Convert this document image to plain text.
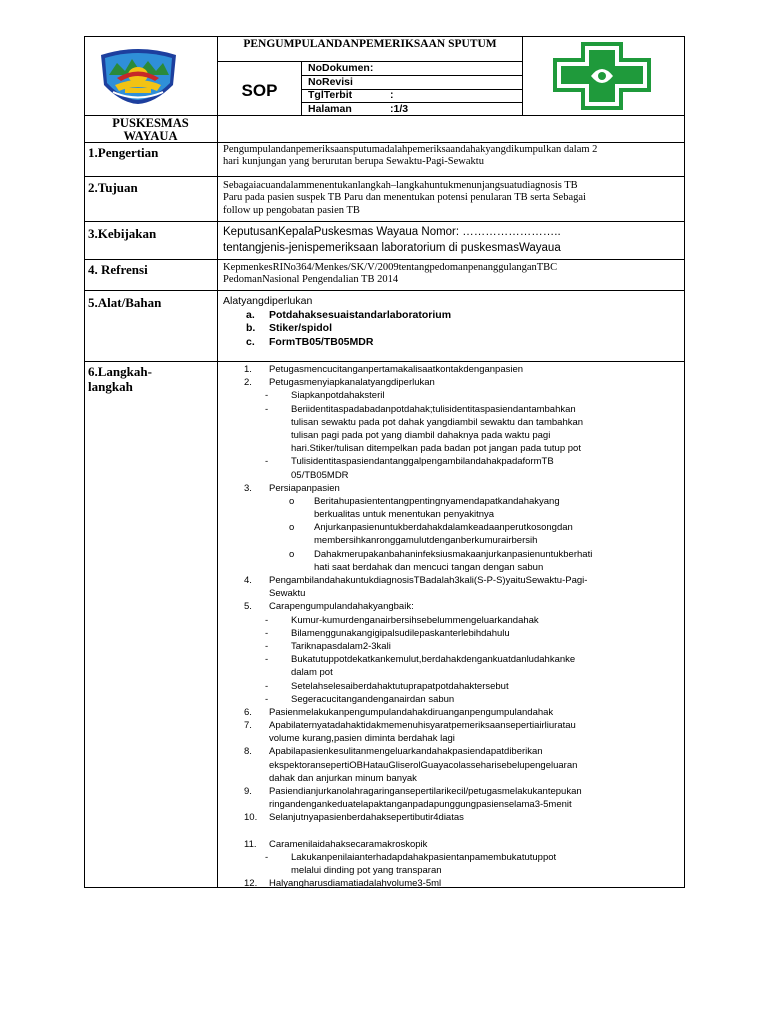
PENGUMPULANDANPEMERIKSAAN SPUTUM
SOP
NoDokumen:
NoRevisi
TglTerbit	:
Halaman	:1/3
PUSKESMAS WAYAUA
1.Pengertian	Pengumpulandanpemeriksaansputumadalahpemeriksaandahakyangdikumpulkan dalam 2
hari kunjungan yang berurutan berupa Sewaktu-Pagi-Sewaktu
2.Tujuan	Sebagaiacuandalammenentukanlangkah–langkahuntukmenunjangsuatudiagnosis TB
Paru pada pasien suspek TB Paru dan menentukan potensi penularan TB serta Sebagai
follow up pengobatan pasien TB
3.Kebijakan	KeputusanKepalaPuskesmas Wayaua Nomor: ……………………..
tentangjenis-jenispemeriksaan laboratorium di puskesmasWayaua
4. Refrensi	KepmenkesRINo364/Menkes/SK/V/2009tentangpedomanpenanggulanganTBC
PedomanNasional Pengendalian TB 2014
5.Alat/Bahan	Alatyangdiperlukan
a. Potdahaksesuaistandarlaboratorium
b. Stiker/spidol
c. FormTB05/TB05MDR
6.Langkah-
langkah
1. Petugasmencucitanganpertamakalisaatkontakdenganpasien
2. Petugasmenyiapkanalatyangdiperlukan
- Siapkanpotdahaksteril
- Beriidentitaspadabadanpotdahak;tulisidentitaspasiendantambahkan
tulisan sewaktu pada pot dahak yangdiambil sewaktu dan tambahkan
tulisan pagi pada pot yang diambil dahaknya pada waktu pagi
hari.Stiker/tulisan ditempelkan pada badan pot jangan pada tutup pot
- TulisidentitaspasiendantanggalpengambilandahakpadaformTB
05/TB05MDR
3. Persiapanpasien
o Beritahupasiententangpentingnyamendapatkandahakyang
berkualitas untuk menentukan penyakitnya
o Anjurkanpasienuntukberdahakdalamkeadaanperutkosongdan
membersihkanronggamulutdenganberkumurairbersih
o Dahakmerupakanbahaninfeksiusmakaanjurkanpasienuntukberhati
hati saat berdahak dan mencuci tangan dengan sabun
4. PengambilandahakuntukdiagnosisTBadalah3kali(S-P-S)yaituSewaktu-Pagi-
Sewaktu
5. Carapengumpulandahakyangbaik:
- Kumur-kumurdenganairbersihsebelummengeluarkandahak
- Bilamenggunakangigipalsudilepaskanterlebihdahulu
- Tariknapasdalam2-3kali
- Bukatutuppotdekatkankemulut,berdahakdengankuatdanludahkanke
dalam pot
- Setelahselesaiberdahaktutuprapatpotdahaktersebut
- Segeracucitangandenganairdan sabun
6. Pasienmelakukanpengumpulandahakdiruanganpengumpulandahak
7. Apabilaternyatadahaktidakmemenuhisyaratpemeriksaansepertiairliuratau
volume kurang,pasien diminta berdahak lagi
8. Apabilapasienkesulitanmengeluarkandahakpasiendapatdiberikan
ekspektoransepertiOBHatauGliserolGuayacolasseharisebelupengeluaran
dahak dan anjurkan minum banyak
9. Pasiendianjurkanolahragaringansepertilarikecil/petugasmelakukantepukan
ringandengankeduatelapaktanganpadapunggungpasienselama3-5menit
10. Selanjutnyapasienberdahaksepertibutir4diatas
11. Caramenilaidahaksecaramakroskopik
- Lakukanpenilaianterhadapdahakpasientanpamembukatutuppot
melalui dinding pot yang transparan
12. Halyangharusdiamatiadalahvolume3-5ml
